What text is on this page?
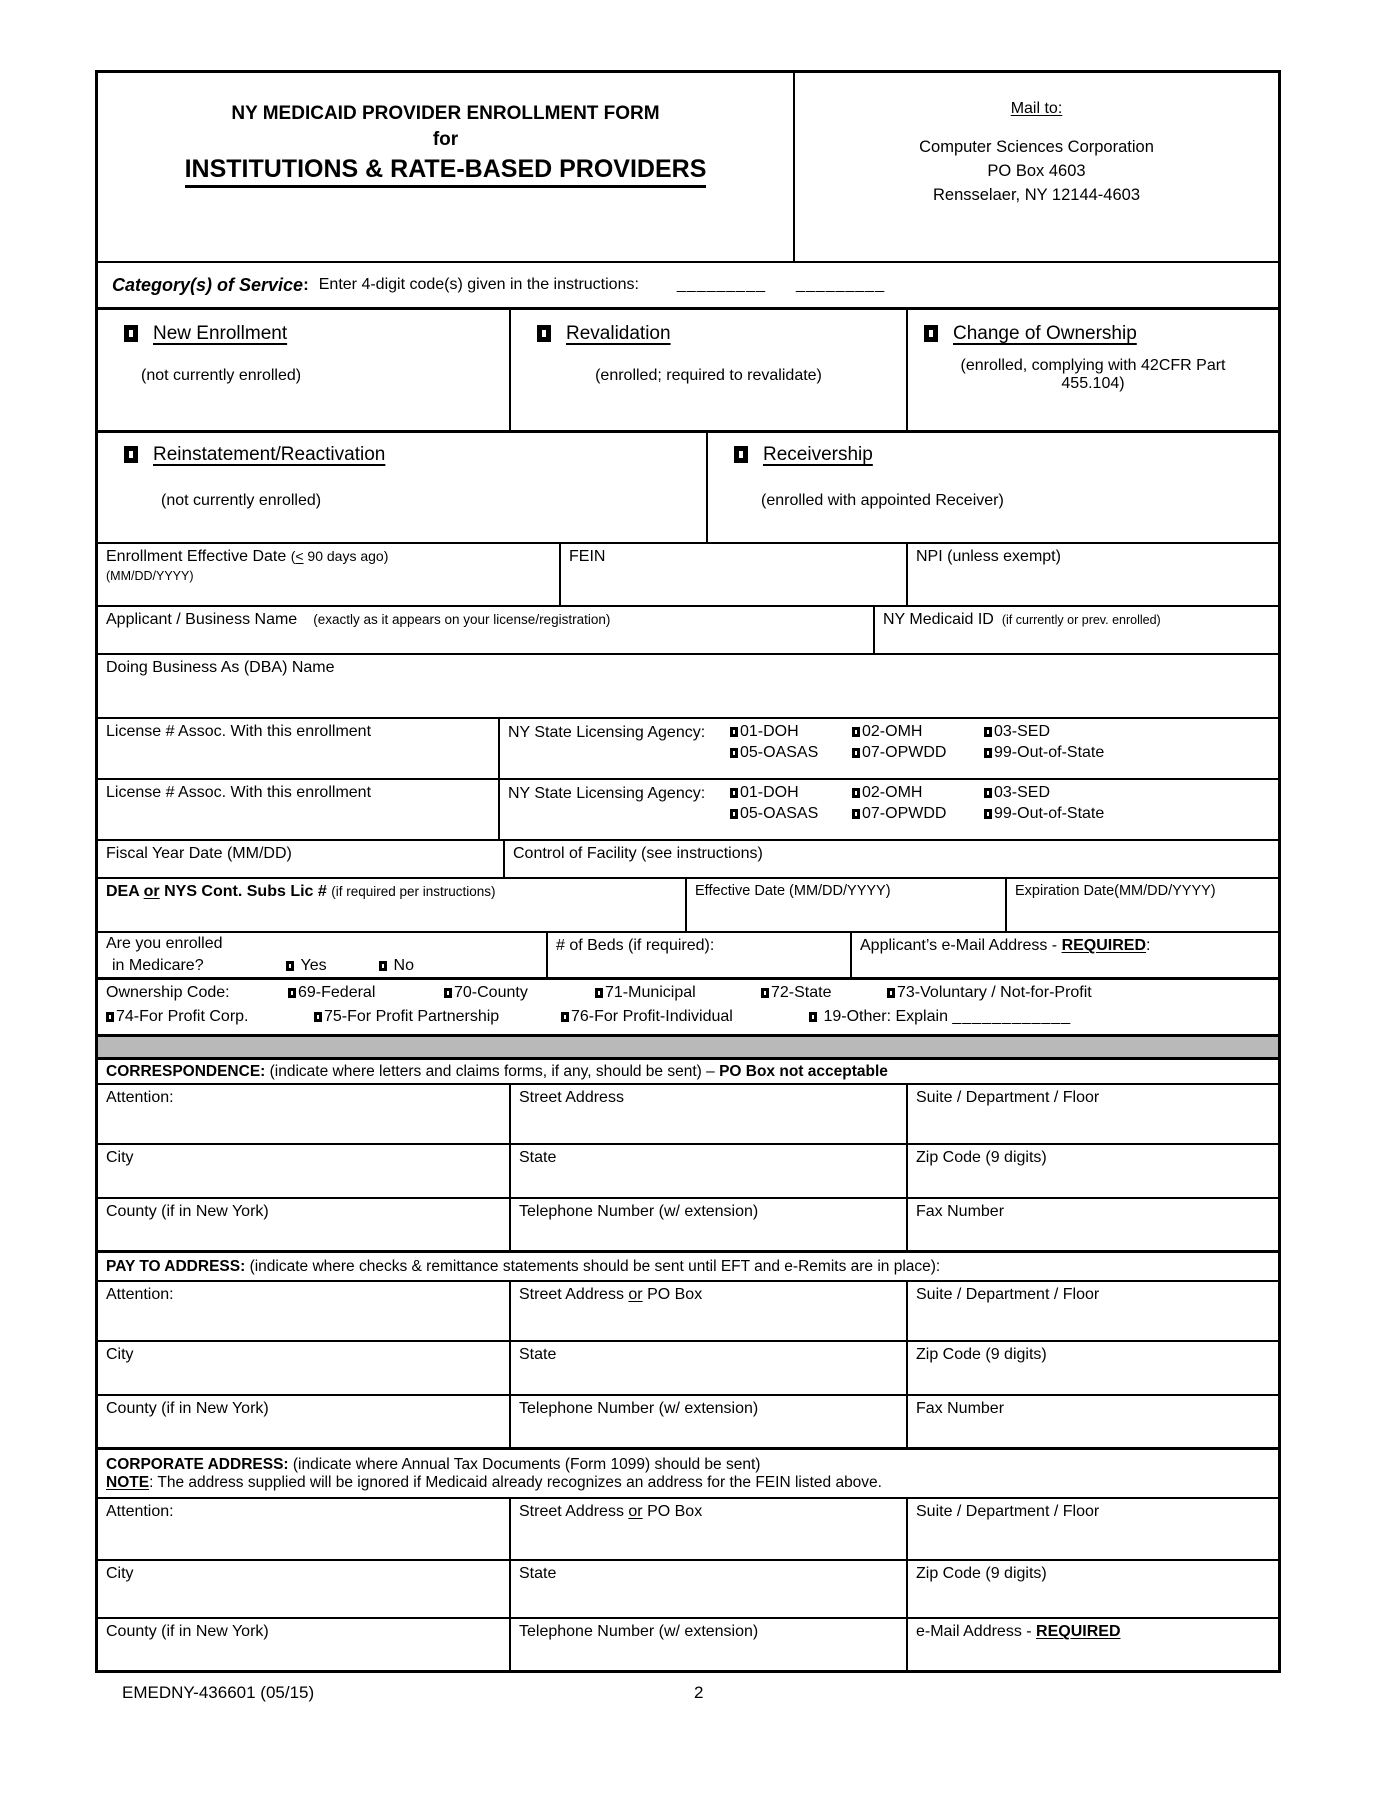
NY MEDICAID PROVIDER ENROLLMENT FORM
for
INSTITUTIONS & RATE-BASED PROVIDERS
Mail to:
Computer Sciences Corporation
PO Box 4603
Rensselaer, NY 12144-4603
Category(s) of Service : Enter 4-digit code(s) given in the instructions: _________ _________
New Enrollment
(not currently enrolled)
Revalidation
(enrolled; required to revalidate)
Change of Ownership
(enrolled, complying with 42CFR Part 455.104)
Reinstatement/Reactivation
(not currently enrolled)
Receivership
(enrolled with appointed Receiver)
Enrollment Effective Date (≤ 90 days ago)
(MM/DD/YYYY)
FEIN	NPI (unless exempt)
Applicant / Business Name (exactly as it appears on your license/registration)	NY Medicaid ID (if currently or prev. enrolled)
Doing Business As (DBA) Name
License # Assoc. With this enrollment	NY State Licensing Agency:	01-DOH	02-OMH	03-SED
05-OASAS	07-OPWDD	99-Out-of-State
License # Assoc. With this enrollment	NY State Licensing Agency:	01-DOH	02-OMH	03-SED
05-OASAS	07-OPWDD	99-Out-of-State
Fiscal Year Date (MM/DD)	Control of Facility (see instructions)
DEA or NYS Cont. Subs Lic # (if required per instructions)	Effective Date (MM/DD/YYYY)	Expiration Date(MM/DD/YYYY)
Are you enrolled
in Medicare?	Yes	No
# of Beds (if required):	Applicant’s e-Mail Address - REQUIRED:
Ownership Code:	69-Federal	70-County	71-Municipal	72-State	73-Voluntary / Not-for-Profit
74-For Profit Corp.	75-For Profit Partnership	76-For Profit-Individual	19-Other: Explain ____________
CORRESPONDENCE: (indicate where letters and claims forms, if any, should be sent) – PO Box not acceptable
Attention:	Street Address	Suite / Department / Floor
City	State	Zip Code (9 digits)
County (if in New York)	Telephone Number (w/ extension)	Fax Number
PAY TO ADDRESS: (indicate where checks & remittance statements should be sent until EFT and e-Remits are in place):
Attention:	Street Address or PO Box	Suite / Department / Floor
City	State	Zip Code (9 digits)
County (if in New York)	Telephone Number (w/ extension)	Fax Number
CORPORATE ADDRESS: (indicate where Annual Tax Documents (Form 1099) should be sent)
NOTE: The address supplied will be ignored if Medicaid already recognizes an address for the FEIN listed above.
Attention:	Street Address or PO Box	Suite / Department / Floor
City	State	Zip Code (9 digits)
County (if in New York)	Telephone Number (w/ extension)	e-Mail Address - REQUIRED
EMEDNY-436601 (05/15)	2
